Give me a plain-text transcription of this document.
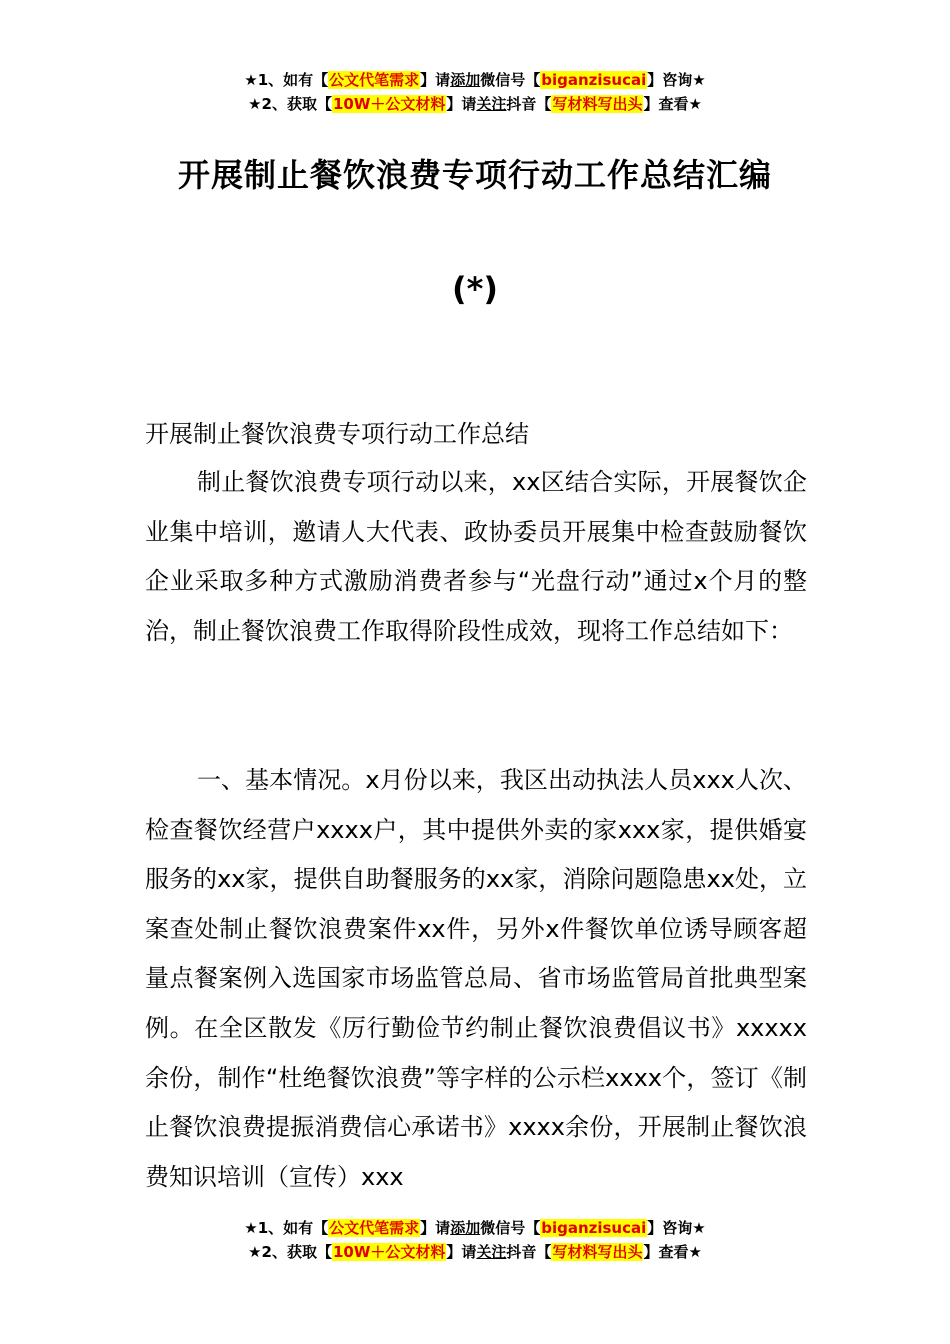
★1、如有【公文代笔需求】请添加微信号【biganzisucai】咨询★
★2、获取【10W＋公文材料】请关注抖音【写材料写出头】查看★
开展制止餐饮浪费专项行动工作总结汇编
(*)
开展制止餐饮浪费专项行动工作总结
制止餐饮浪费专项行动以来，xx区结合实际，开展餐饮企业集中培训，邀请人大代表、政协委员开展集中检查鼓励餐饮企业采取多种方式激励消费者参与“光盘行动”通过x个月的整治，制止餐饮浪费工作取得阶段性成效，现将工作总结如下：
一、基本情况。x月份以来，我区出动执法人员xxx人次、检查餐饮经营户xxxx户，其中提供外卖的家xxx家，提供婚宴服务的xx家，提供自助餐服务的xx家，消除问题隐患xx处，立案查处制止餐饮浪费案件xx件，另外x件餐饮单位诱导顾客超量点餐案例入选国家市场监管总局、省市场监管局首批典型案例。在全区散发《厉行勤俭节约制止餐饮浪费倡议书》xxxxx余份，制作“杜绝餐饮浪费”等字样的公示栏xxxx个，签订《制止餐饮浪费提振消费信心承诺书》xxxx余份，开展制止餐饮浪费知识培训（宣传）xxx
★1、如有【公文代笔需求】请添加微信号【biganzisucai】咨询★
★2、获取【10W＋公文材料】请关注抖音【写材料写出头】查看★
